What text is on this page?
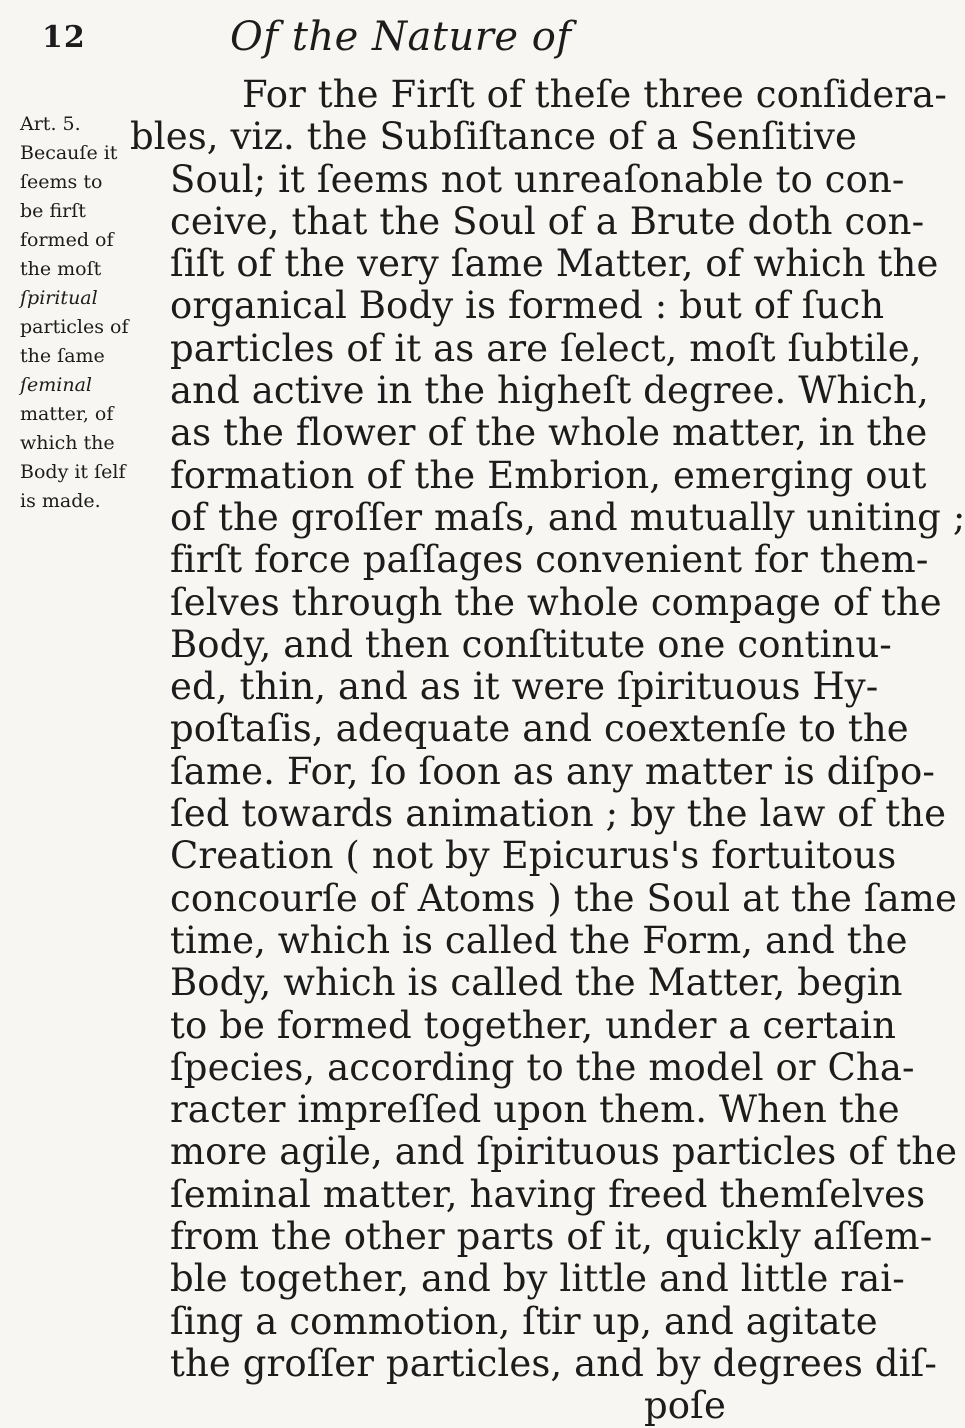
12	Of the Nature of
Art. 5.
Becauſe it
ſeems to
be firſt
formed of
the moſt
ſpiritual
particles of
the ſame
ſeminal
matter, of
which the
Body it ſelf
is made.
For the Firſt of theſe three conſidera-
bles, viz. the Subſiſtance of a Senſitive
Soul; it ſeems not unreaſonable to con-
ceive, that the Soul of a Brute doth con-
ſiſt of the very ſame Matter, of which the
organical Body is formed : but of ſuch
particles of it as are ſelect, moſt ſubtile,
and active in the higheſt degree. Which,
as the flower of the whole matter, in the
formation of the Embrion, emerging out
of the groſſer maſs, and mutually uniting ;
firſt force paſſages convenient for them-
ſelves through the whole compage of the
Body, and then conſtitute one continu-
ed, thin, and as it were ſpirituous Hy-
poſtaſis, adequate and coextenſe to the
ſame. For, ſo ſoon as any matter is diſpo-
ſed towards animation ; by the law of the
Creation ( not by Epicurus's fortuitous
concourſe of Atoms ) the Soul at the ſame
time, which is called the Form, and the
Body, which is called the Matter, begin
to be formed together, under a certain
ſpecies, according to the model or Cha-
racter impreſſed upon them. When the
more agile, and ſpirituous particles of the
ſeminal matter, having freed themſelves
from the other parts of it, quickly aſſem-
ble together, and by little and little rai-
ſing a commotion, ſtir up, and agitate
the groſſer particles, and by degrees diſ-
poſe
